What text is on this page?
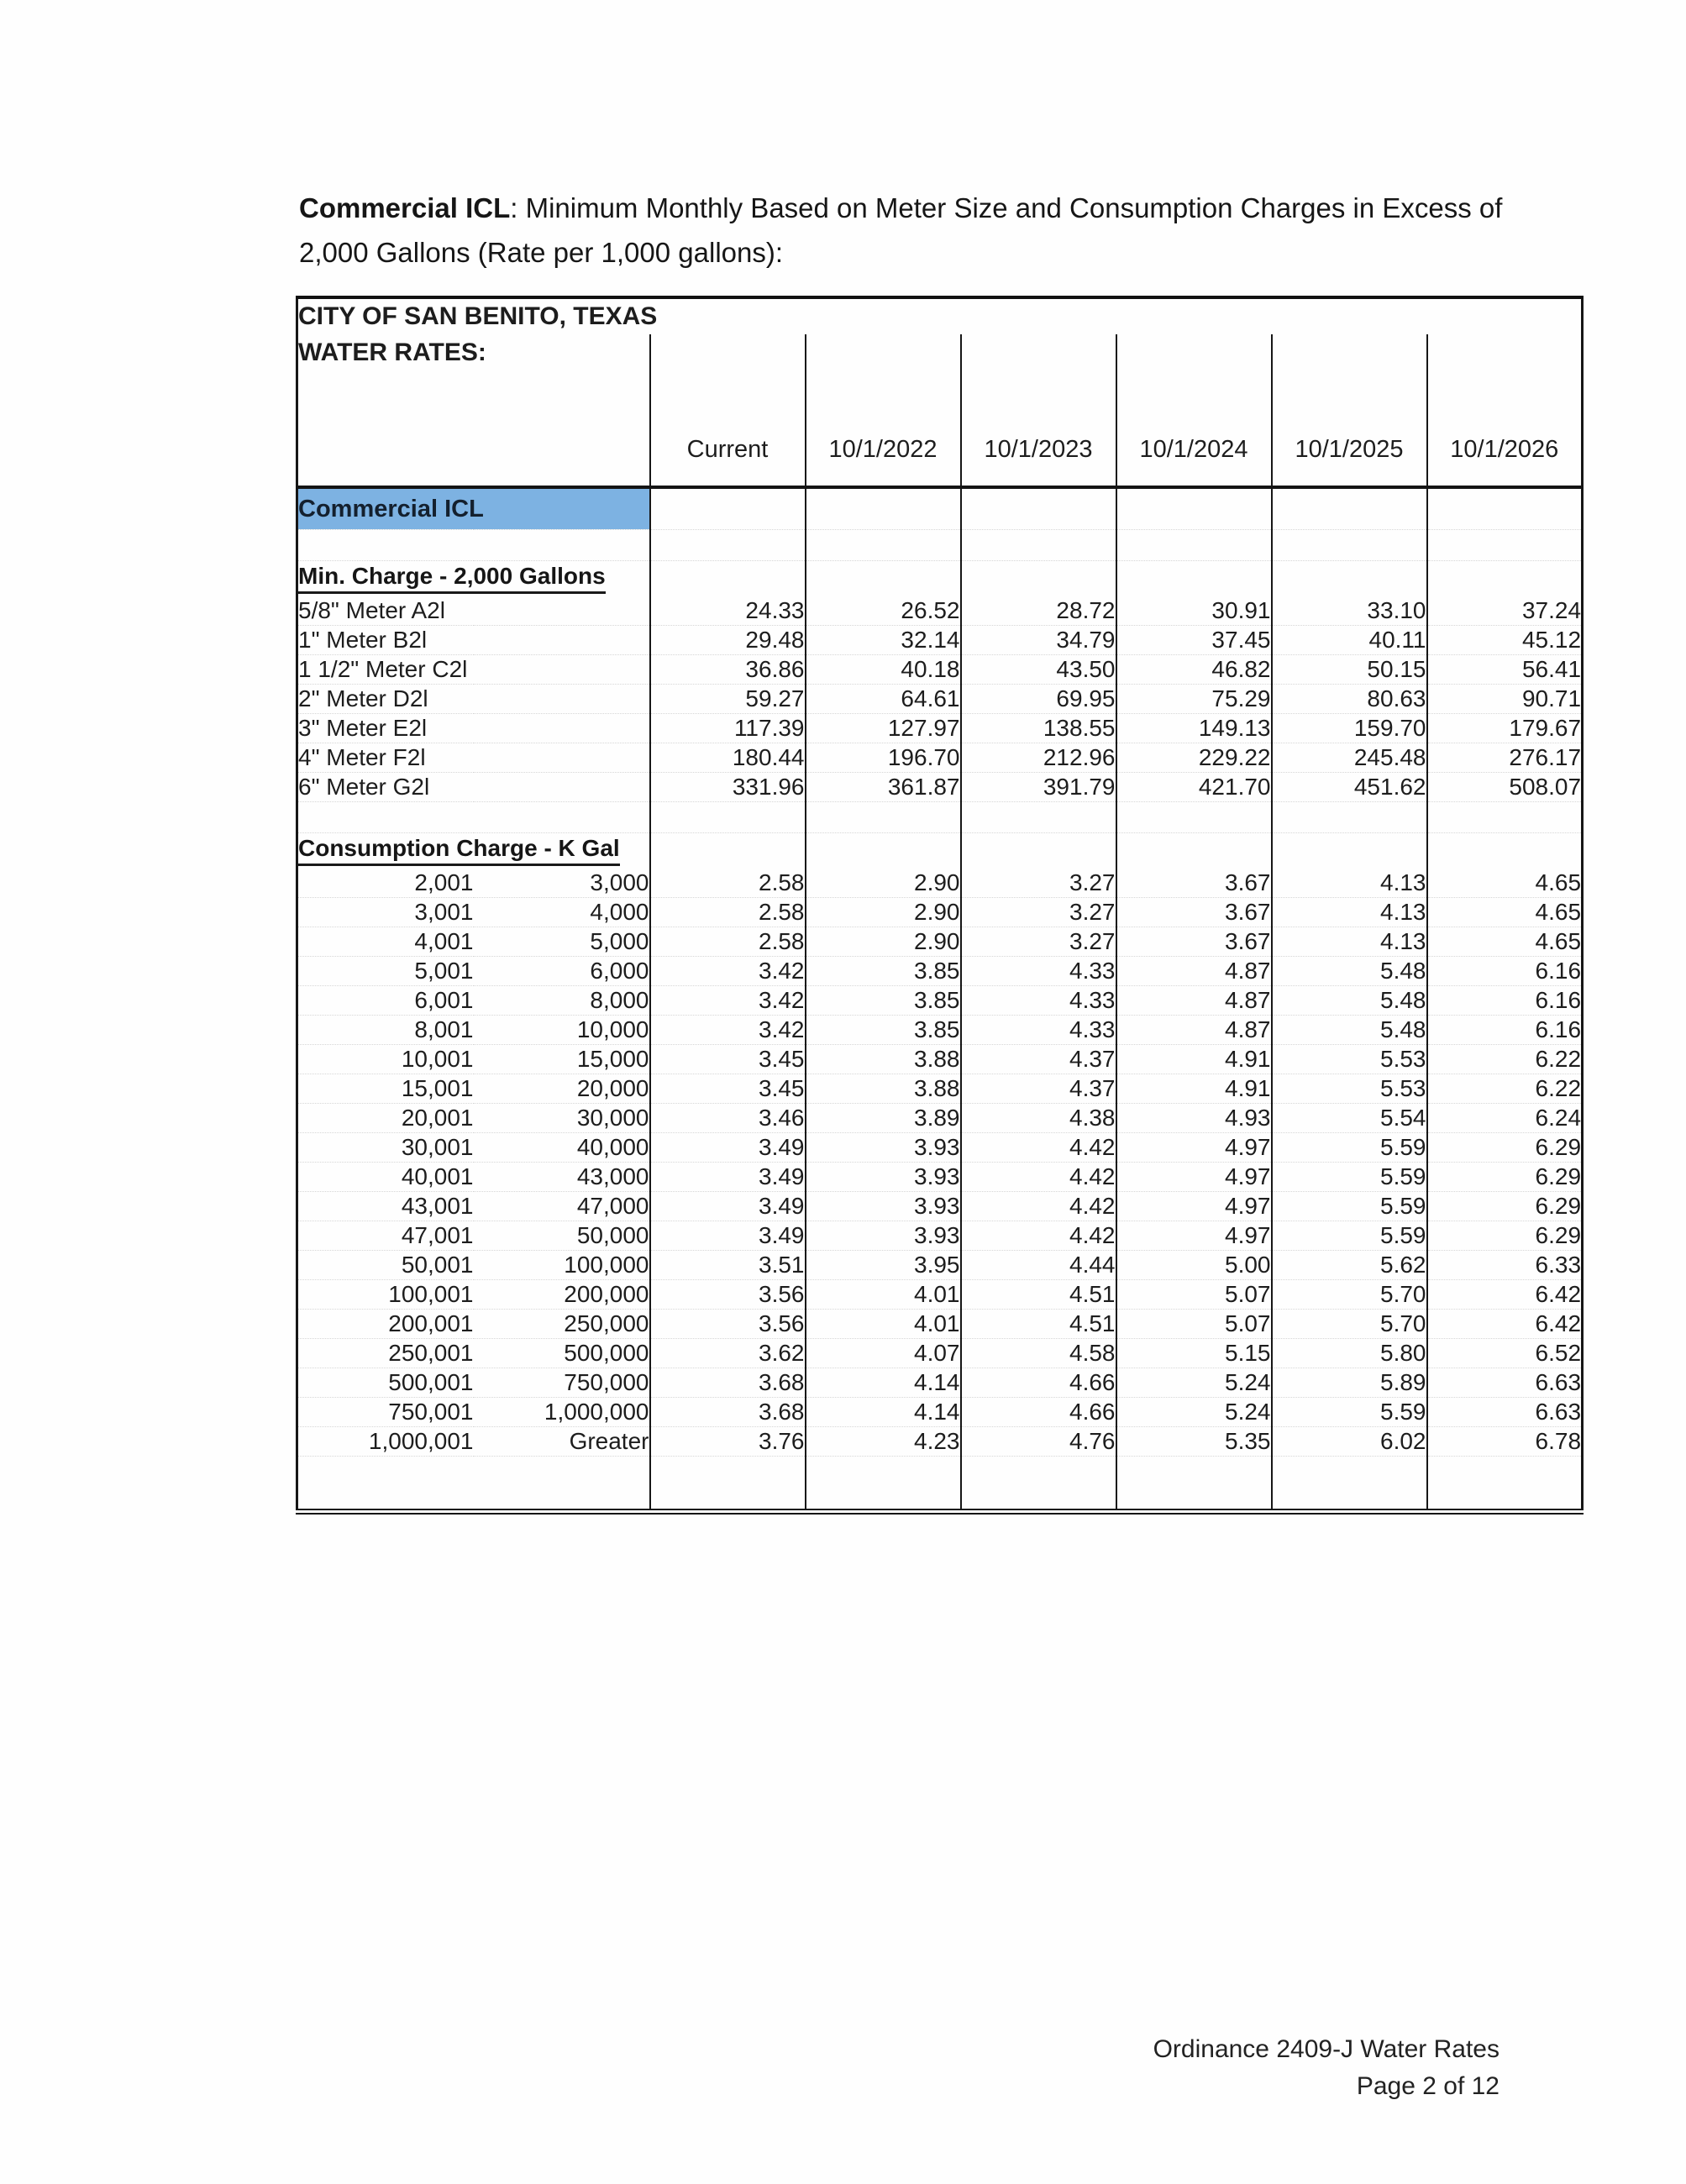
Commercial ICL: Minimum Monthly Based on Meter Size and Consumption Charges in Excess of 2,000 Gallons (Rate per 1,000 gallons):

CITY OF SAN BENITO, TEXAS							
WATER RATES:							

		Current	10/1/2022	10/1/2023	10/1/2024	10/1/2025	10/1/2026
Commercial ICL							

Min. Charge - 2,000 Gallons							
5/8" Meter A2l		24.33	26.52	28.72	30.91	33.10	37.24
1" Meter B2l		29.48	32.14	34.79	37.45	40.11	45.12
1 1/2" Meter C2l		36.86	40.18	43.50	46.82	50.15	56.41
2" Meter D2l		59.27	64.61	69.95	75.29	80.63	90.71
3" Meter E2l		117.39	127.97	138.55	149.13	159.70	179.67
4" Meter F2l		180.44	196.70	212.96	229.22	245.48	276.17
6" Meter G2l		331.96	361.87	391.79	421.70	451.62	508.07

Consumption Charge - K Gal							
2,001	3,000	2.58	2.90	3.27	3.67	4.13	4.65
3,001	4,000	2.58	2.90	3.27	3.67	4.13	4.65
4,001	5,000	2.58	2.90	3.27	3.67	4.13	4.65
5,001	6,000	3.42	3.85	4.33	4.87	5.48	6.16
6,001	8,000	3.42	3.85	4.33	4.87	5.48	6.16
8,001	10,000	3.42	3.85	4.33	4.87	5.48	6.16
10,001	15,000	3.45	3.88	4.37	4.91	5.53	6.22
15,001	20,000	3.45	3.88	4.37	4.91	5.53	6.22
20,001	30,000	3.46	3.89	4.38	4.93	5.54	6.24
30,001	40,000	3.49	3.93	4.42	4.97	5.59	6.29
40,001	43,000	3.49	3.93	4.42	4.97	5.59	6.29
43,001	47,000	3.49	3.93	4.42	4.97	5.59	6.29
47,001	50,000	3.49	3.93	4.42	4.97	5.59	6.29
50,001	100,000	3.51	3.95	4.44	5.00	5.62	6.33
100,001	200,000	3.56	4.01	4.51	5.07	5.70	6.42
200,001	250,000	3.56	4.01	4.51	5.07	5.70	6.42
250,001	500,000	3.62	4.07	4.58	5.15	5.80	6.52
500,001	750,000	3.68	4.14	4.66	5.24	5.89	6.63
750,001	1,000,000	3.68	4.14	4.66	5.24	5.59	6.63
1,000,001	Greater	3.76	4.23	4.76	5.35	6.02	6.78

Ordinance 2409-J Water Rates
Page 2 of 12
